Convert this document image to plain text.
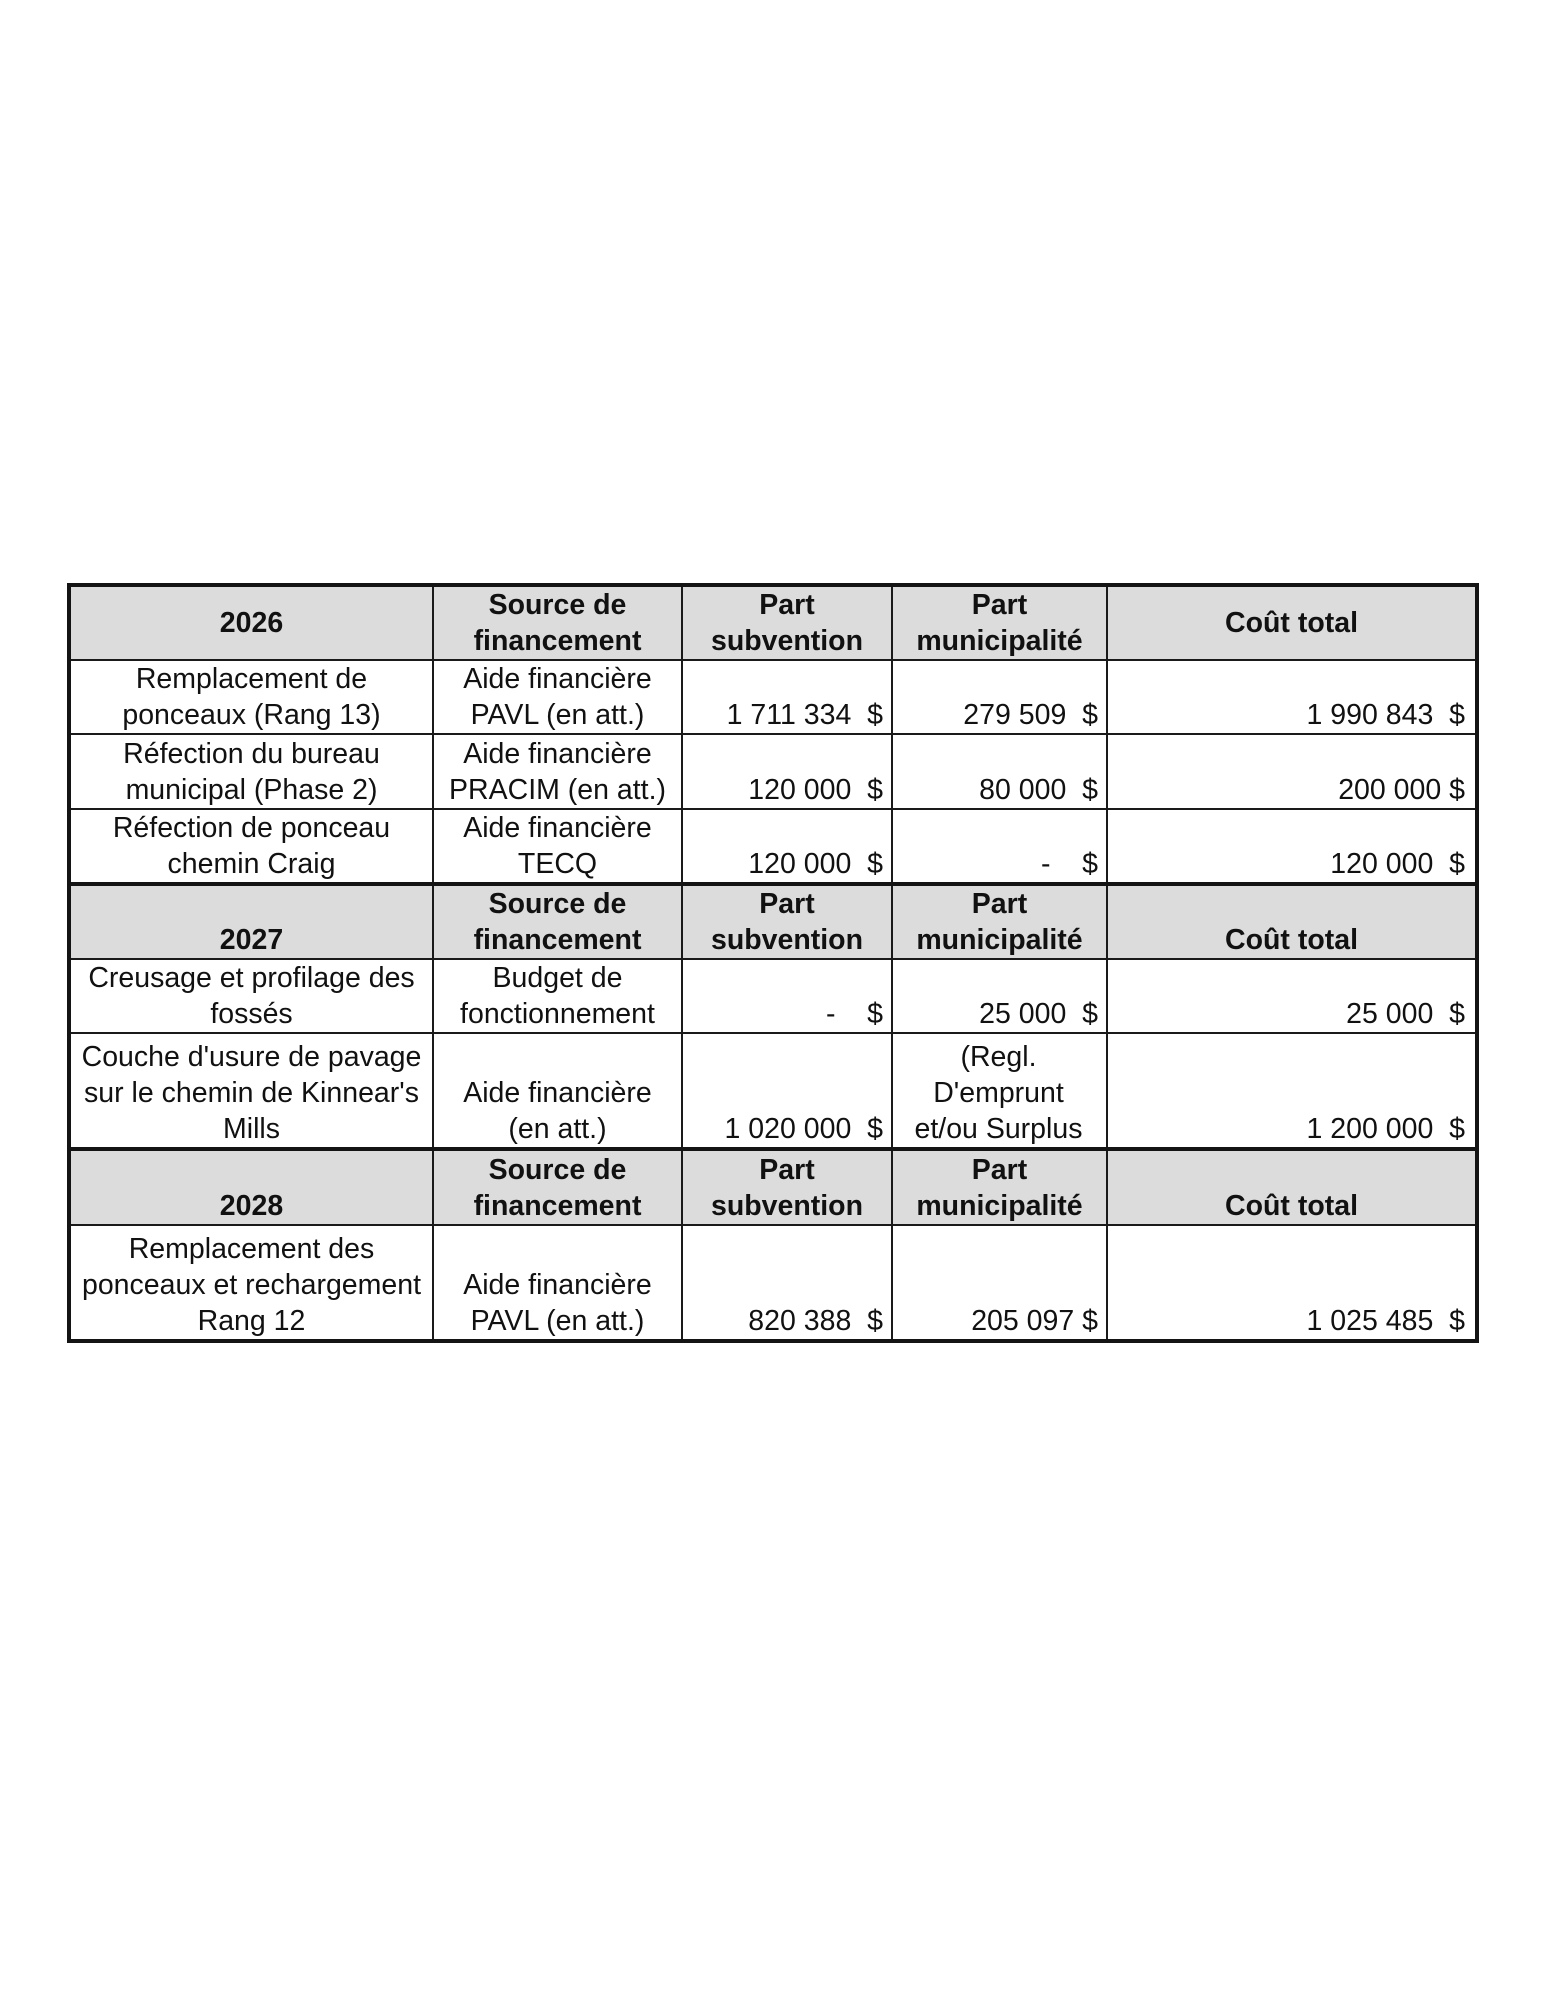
2026	Source de financement	Part subvention	Part municipalité	Coût total
Remplacement de ponceaux (Rang 13)	Aide financière PAVL (en att.)	1 711 334  $	279 509  $	1 990 843  $
Réfection du bureau municipal (Phase 2)	Aide financière PRACIM (en att.)	120 000  $	80 000  $	200 000 $
Réfection de ponceau chemin Craig	Aide financière TECQ	120 000  $	-    $	120 000  $
2027	Source de financement	Part subvention	Part municipalité	Coût total
Creusage et profilage des fossés	Budget de fonctionnement	-    $	25 000  $	25 000  $
Couche d'usure de pavage sur le chemin de Kinnear's Mills	Aide financière (en att.)	1 020 000  $	(Regl. D'emprunt et/ou Surplus	1 200 000  $
2028	Source de financement	Part subvention	Part municipalité	Coût total
Remplacement des ponceaux et rechargement Rang 12	Aide financière PAVL (en att.)	820 388  $	205 097 $	1 025 485  $
